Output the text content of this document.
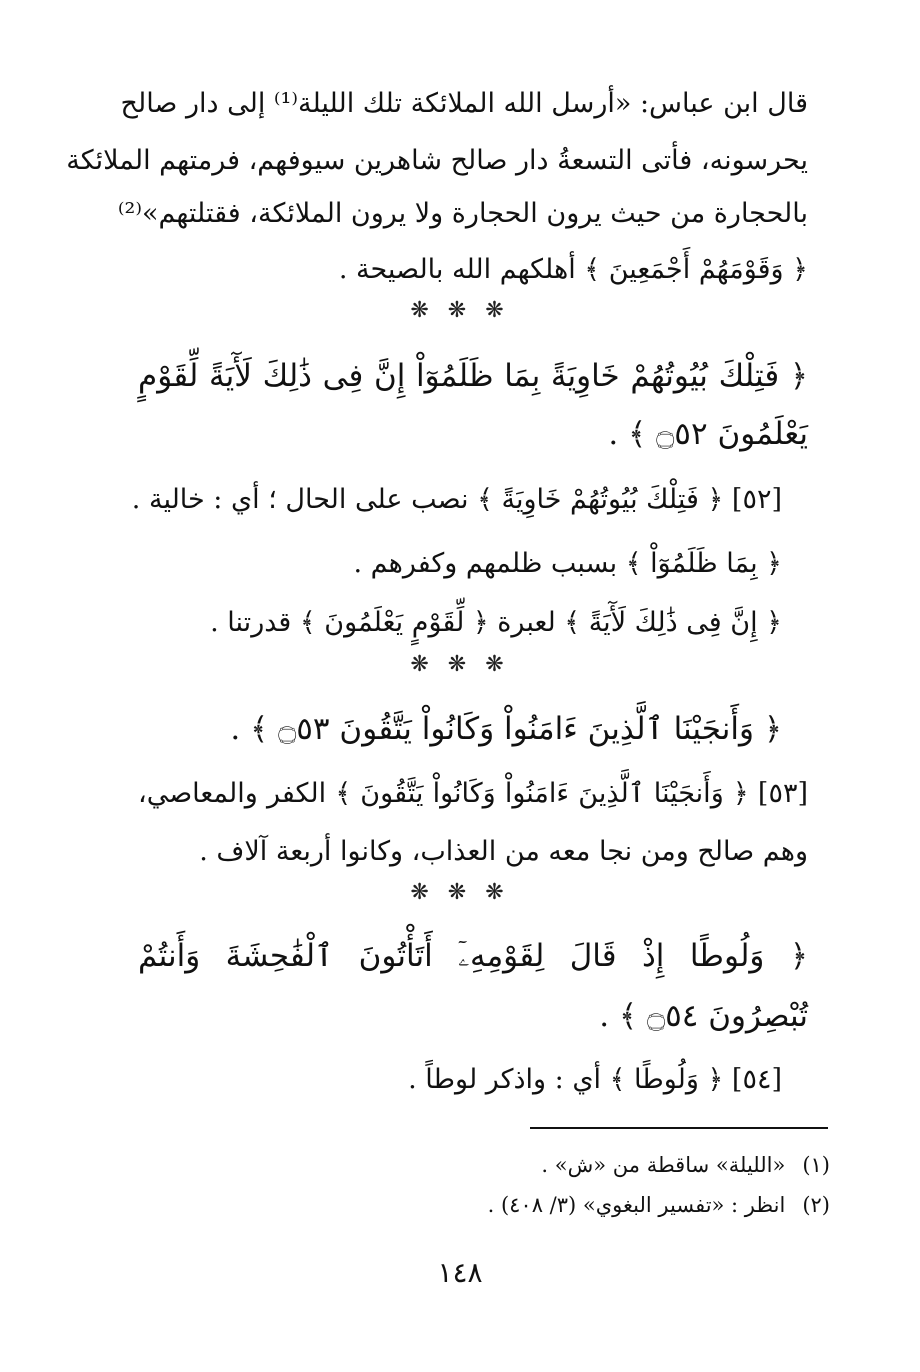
قال ابن عباس: «أرسل الله الملائكة تلك الليلة⁽¹⁾ إلى دار صالح
يحرسونه، فأتى التسعةُ دار صالح شاهرين سيوفهم، فرمتهم الملائكة
بالحجارة من حيث يرون الحجارة ولا يرون الملائكة، فقتلتهم»⁽²⁾
﴿ وَقَوْمَهُمْ أَجْمَعِينَ ﴾ أهلكهم الله بالصيحة .
❋ ❋ ❋
﴿ فَتِلْكَ بُيُوتُهُمْ خَاوِيَةً بِمَا ظَلَمُوٓاْ إِنَّ فِى ذَٰلِكَ لَأٓيَةً لِّقَوْمٍ
يَعْلَمُونَ ۝٥٢ ﴾ .
[٥٢] ﴿ فَتِلْكَ بُيُوتُهُمْ خَاوِيَةً ﴾ نصب على الحال ؛ أي : خالية .
﴿ بِمَا ظَلَمُوٓاْ ﴾ بسبب ظلمهم وكفرهم .
﴿ إِنَّ فِى ذَٰلِكَ لَأٓيَةً ﴾ لعبرة ﴿ لِّقَوْمٍ يَعْلَمُونَ ﴾ قدرتنا .
❋ ❋ ❋
﴿ وَأَنجَيْنَا ٱلَّذِينَ ءَامَنُواْ وَكَانُواْ يَتَّقُونَ ۝٥٣ ﴾ .
[٥٣] ﴿ وَأَنجَيْنَا ٱلَّذِينَ ءَامَنُواْ وَكَانُواْ يَتَّقُونَ ﴾ الكفر والمعاصي،
وهم صالح ومن نجا معه من العذاب، وكانوا أربعة آلاف .
❋ ❋ ❋
﴿ وَلُوطًا إِذْ قَالَ لِقَوْمِهِۦٓ أَتَأْتُونَ ٱلْفَٰحِشَةَ وَأَنتُمْ
تُبْصِرُونَ ۝٥٤ ﴾ .
[٥٤] ﴿ وَلُوطًا ﴾ أي : واذكر لوطاً .
(١) «الليلة» ساقطة من «ش» .
(٢) انظر : «تفسير البغوي» (٣/ ٤٠٨) .
١٤٨
